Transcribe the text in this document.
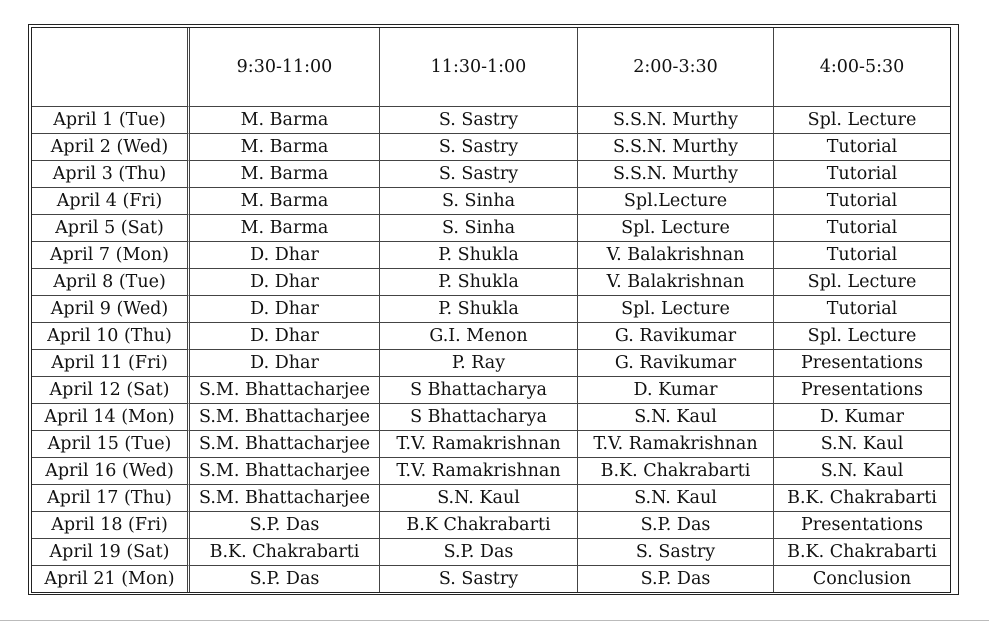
	9:30-11:00	11:30-1:00	2:00-3:30	4:00-5:30
April 1 (Tue)	M. Barma	S. Sastry	S.S.N. Murthy	Spl. Lecture
April 2 (Wed)	M. Barma	S. Sastry	S.S.N. Murthy	Tutorial
April 3 (Thu)	M. Barma	S. Sastry	S.S.N. Murthy	Tutorial
April 4 (Fri)	M. Barma	S. Sinha	Spl.Lecture	Tutorial
April 5 (Sat)	M. Barma	S. Sinha	Spl. Lecture	Tutorial
April 7 (Mon)	D. Dhar	P. Shukla	V. Balakrishnan	Tutorial
April 8 (Tue)	D. Dhar	P. Shukla	V. Balakrishnan	Spl. Lecture
April 9 (Wed)	D. Dhar	P. Shukla	Spl. Lecture	Tutorial
April 10 (Thu)	D. Dhar	G.I. Menon	G. Ravikumar	Spl. Lecture
April 11 (Fri)	D. Dhar	P. Ray	G. Ravikumar	Presentations
April 12 (Sat)	S.M. Bhattacharjee	S Bhattacharya	D. Kumar	Presentations
April 14 (Mon)	S.M. Bhattacharjee	S Bhattacharya	S.N. Kaul	D. Kumar
April 15 (Tue)	S.M. Bhattacharjee	T.V. Ramakrishnan	T.V. Ramakrishnan	S.N. Kaul
April 16 (Wed)	S.M. Bhattacharjee	T.V. Ramakrishnan	B.K. Chakrabarti	S.N. Kaul
April 17 (Thu)	S.M. Bhattacharjee	S.N. Kaul	S.N. Kaul	B.K. Chakrabarti
April 18 (Fri)	S.P. Das	B.K Chakrabarti	S.P. Das	Presentations
April 19 (Sat)	B.K. Chakrabarti	S.P. Das	S. Sastry	B.K. Chakrabarti
April 21 (Mon)	S.P. Das	S. Sastry	S.P. Das	Conclusion
